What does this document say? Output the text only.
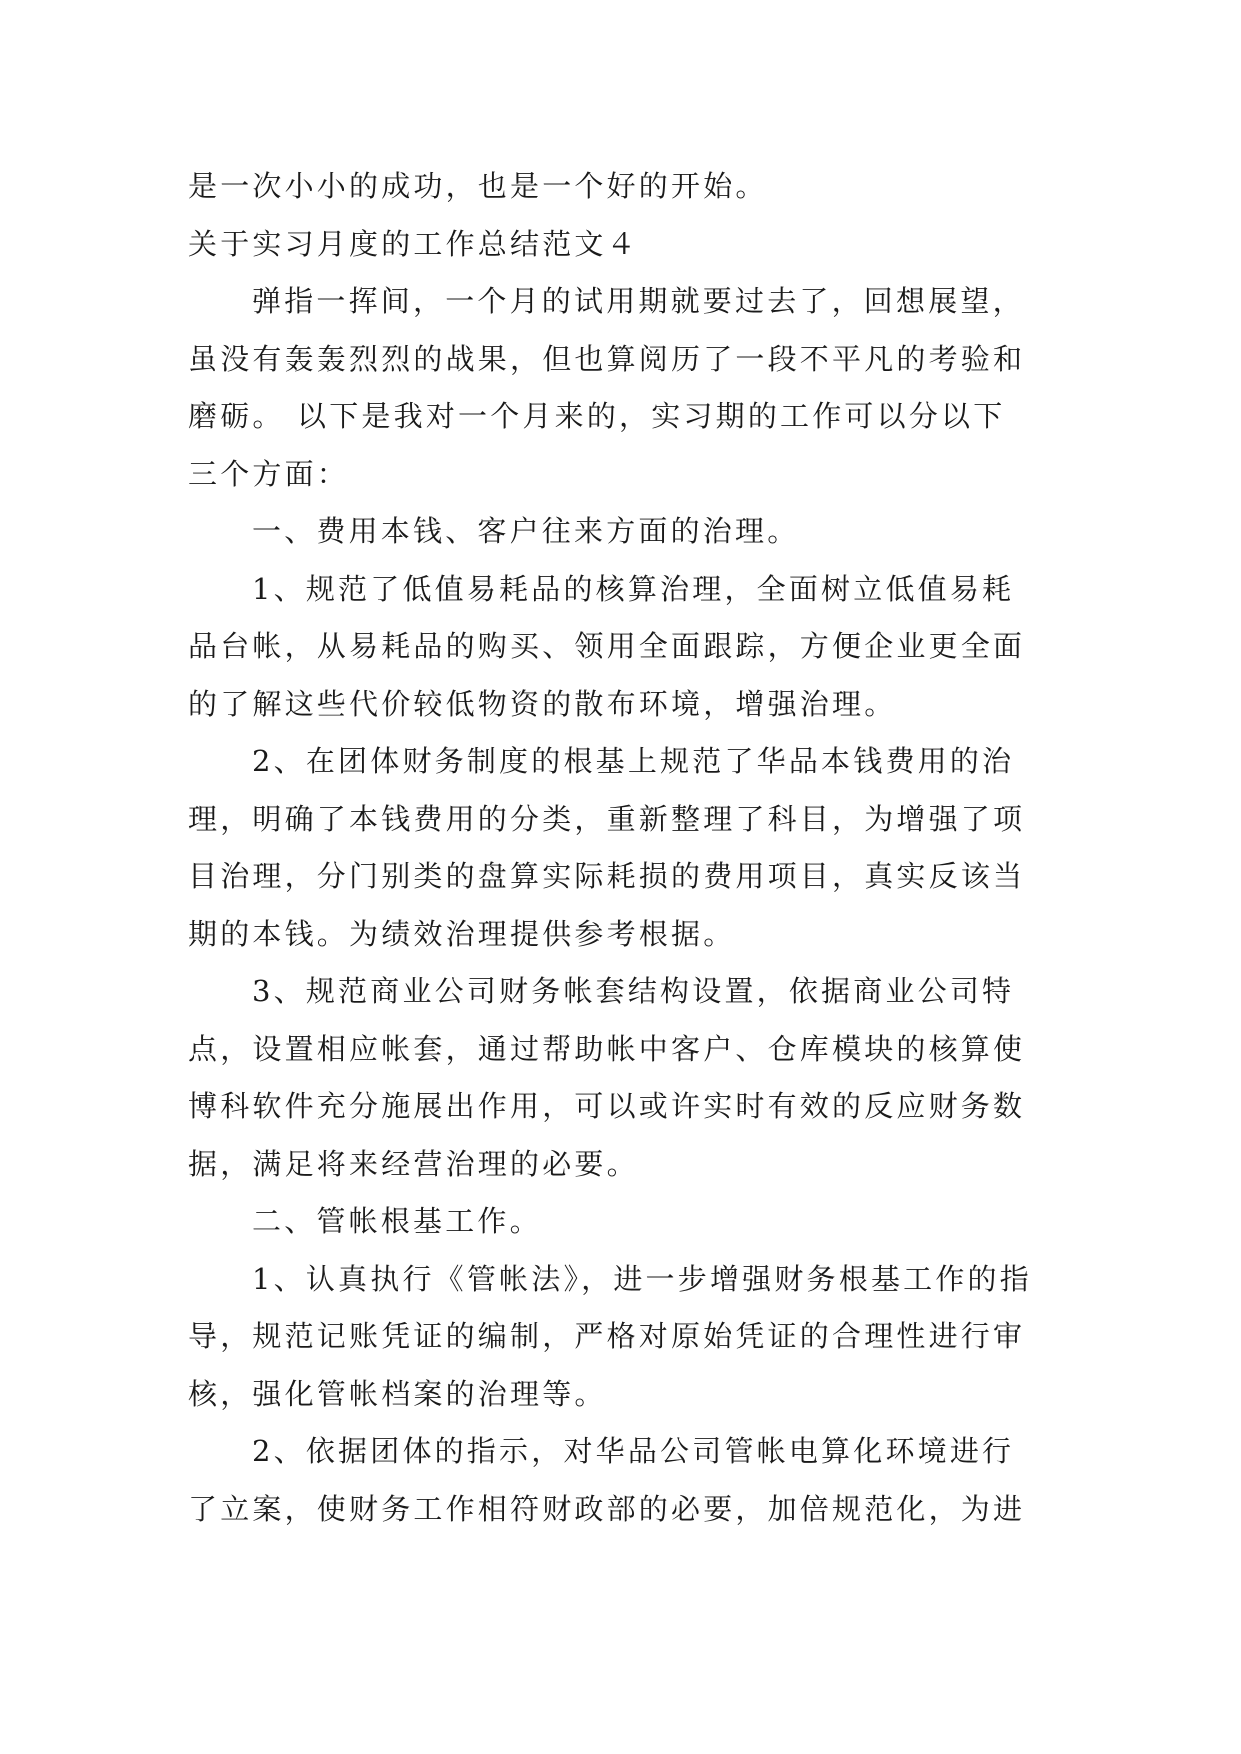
是一次小小的成功，也是一个好的开始。

关于实习月度的工作总结范文４

弹指一挥间，一个月的试用期就要过去了，回想展望，

虽没有轰轰烈烈的战果，但也算阅历了一段不平凡的考验和

磨砺。 以下是我对一个月来的，实习期的工作可以分以下

三个方面：

一、费用本钱、客户往来方面的治理。

1、规范了低值易耗品的核算治理，全面树立低值易耗

品台帐，从易耗品的购买、领用全面跟踪，方便企业更全面

的了解这些代价较低物资的散布环境，增强治理。

2、在团体财务制度的根基上规范了华品本钱费用的治

理，明确了本钱费用的分类，重新整理了科目，为增强了项

目治理，分门别类的盘算实际耗损的费用项目，真实反该当

期的本钱。为绩效治理提供参考根据。

3、规范商业公司财务帐套结构设置，依据商业公司特

点，设置相应帐套，通过帮助帐中客户、仓库模块的核算使

博科软件充分施展出作用，可以或许实时有效的反应财务数

据，满足将来经营治理的必要。

二、管帐根基工作。

1、认真执行《管帐法》，进一步增强财务根基工作的指

导，规范记账凭证的编制，严格对原始凭证的合理性进行审

核，强化管帐档案的治理等。

2、依据团体的指示，对华品公司管帐电算化环境进行

了立案，使财务工作相符财政部的必要，加倍规范化，为进
